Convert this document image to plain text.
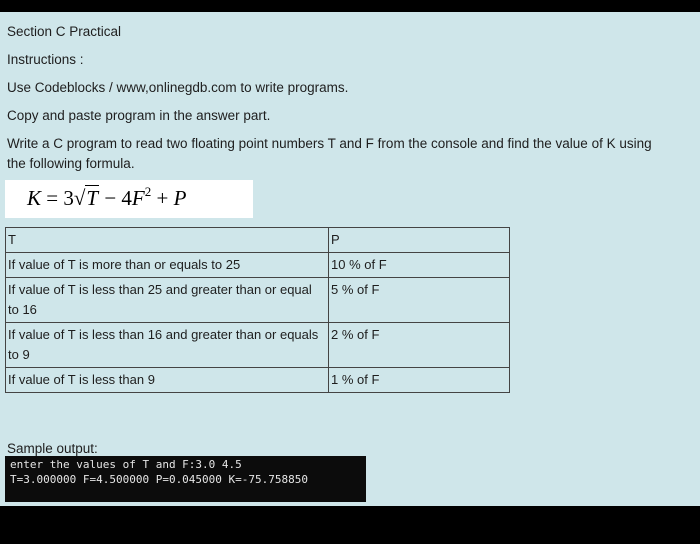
Section C Practical
Instructions :
Use Codeblocks / www,onlinegdb.com to write programs.
Copy and paste program in the answer part.
Write a C program to read two floating point numbers T and F from the console and find the value of K using
the following formula.
$K = 3√T - 4F^2 + P$
T	P
If value of T is more than or equals to 25	10 % of F
If value of T is less than 25 and greater than or equal to 16	5 % of F
If value of T is less than 16 and greater than or equals to 9	2 % of F
If value of T is less than 9	1 % of F
Sample output:
enter the values of T and F:3.0 4.5
T=3.000000 F=4.500000 P=0.045000 K=-75.758850
